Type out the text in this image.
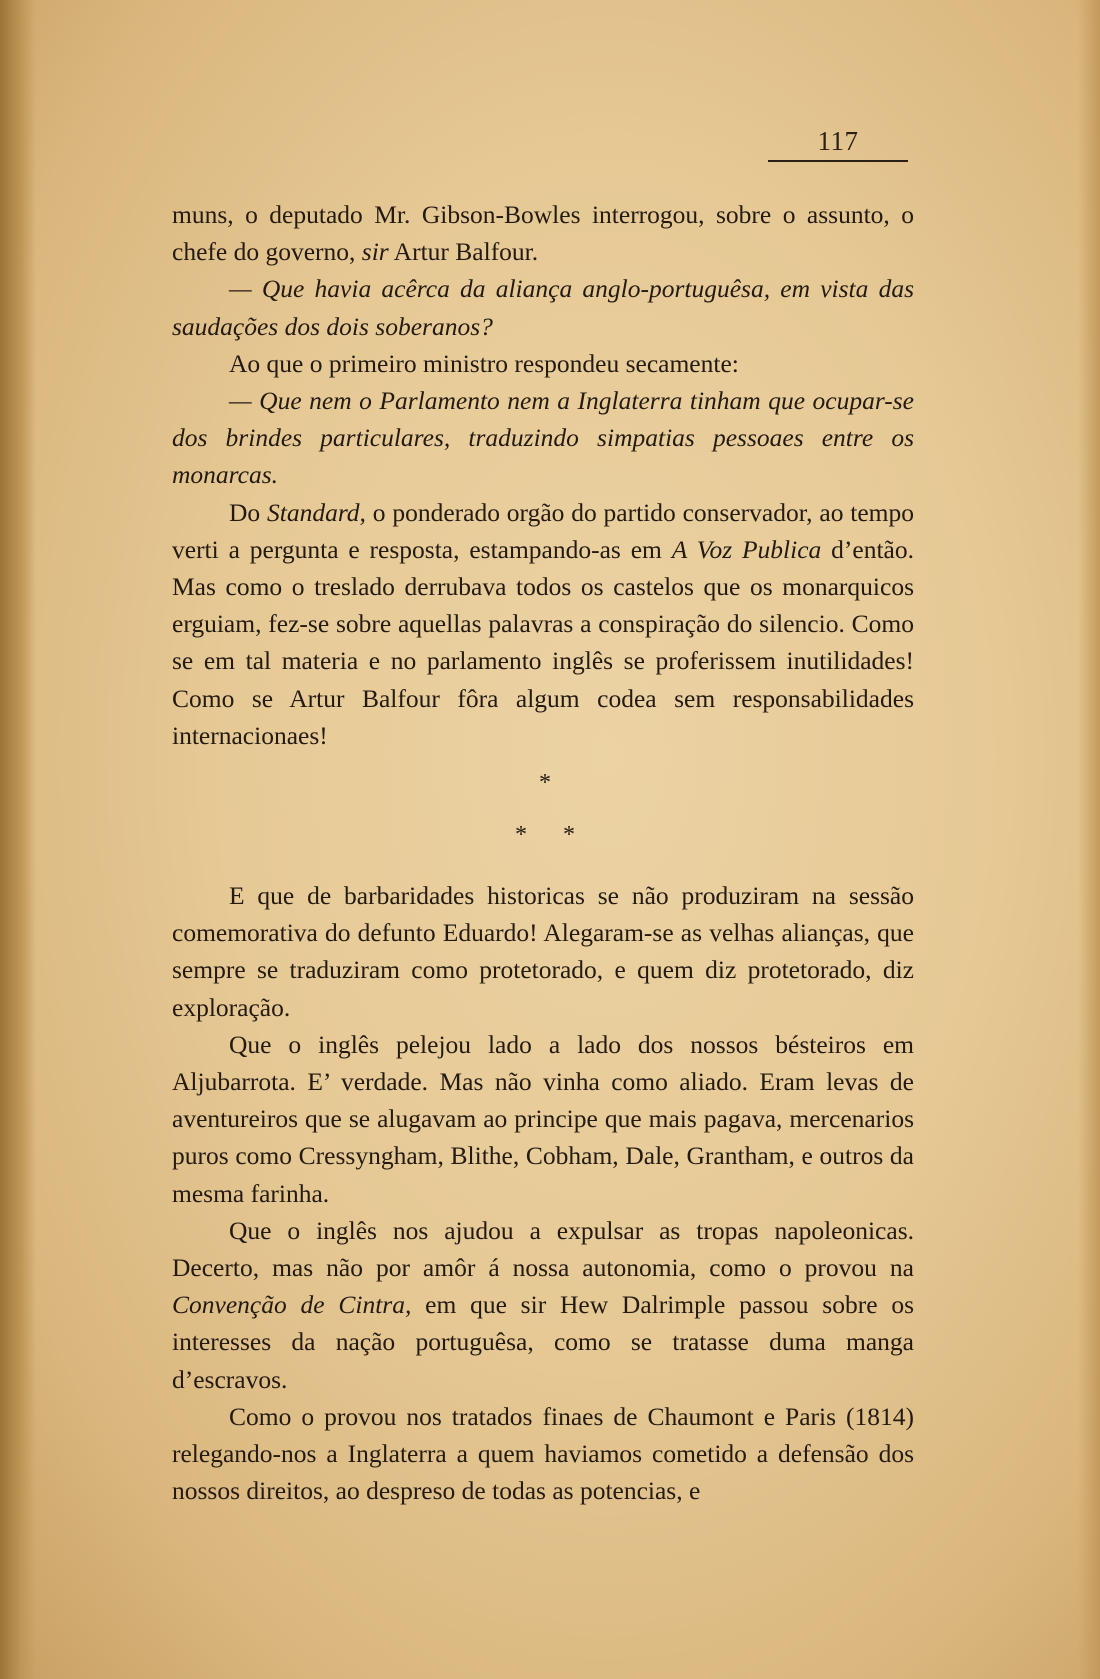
117

muns, o deputado Mr. Gibson-Bowles interrogou, sobre o assunto, o chefe do governo, sir Artur Balfour.

— Que havia acêrca da aliança anglo-portuguêsa, em vista das saudações dos dois soberanos?

Ao que o primeiro ministro respondeu secamente:

— Que nem o Parlamento nem a Inglaterra tinham que ocupar-se dos brindes particulares, traduzindo simpatias pessoaes entre os monarcas.

Do Standard, o ponderado orgão do partido conservador, ao tempo verti a pergunta e resposta, estampando-as em A Voz Publica d’então. Mas como o treslado derrubava todos os castelos que os monarquicos erguiam, fez-se sobre aquellas palavras a conspiração do silencio. Como se em tal materia e no parlamento inglês se proferissem inutilidades! Como se Artur Balfour fôra algum codea sem responsabilidades internacionaes!

*
* *

E que de barbaridades historicas se não produziram na sessão comemorativa do defunto Eduardo! Alegaram-se as velhas alianças, que sempre se traduziram como protetorado, e quem diz protetorado, diz exploração.

Que o inglês pelejou lado a lado dos nossos bésteiros em Aljubarrota. E’ verdade. Mas não vinha como aliado. Eram levas de aventureiros que se alugavam ao principe que mais pagava, mercenarios puros como Cressyngham, Blithe, Cobham, Dale, Grantham, e outros da mesma farinha.

Que o inglês nos ajudou a expulsar as tropas napoleonicas. Decerto, mas não por amôr á nossa autonomia, como o provou na Convenção de Cintra, em que sir Hew Dalrimple passou sobre os interesses da nação portuguêsa, como se tratasse duma manga d’escravos.

Como o provou nos tratados finaes de Chaumont e Paris (1814) relegando-nos a Inglaterra a quem haviamos cometido a defensão dos nossos direitos, ao despreso de todas as potencias, e
